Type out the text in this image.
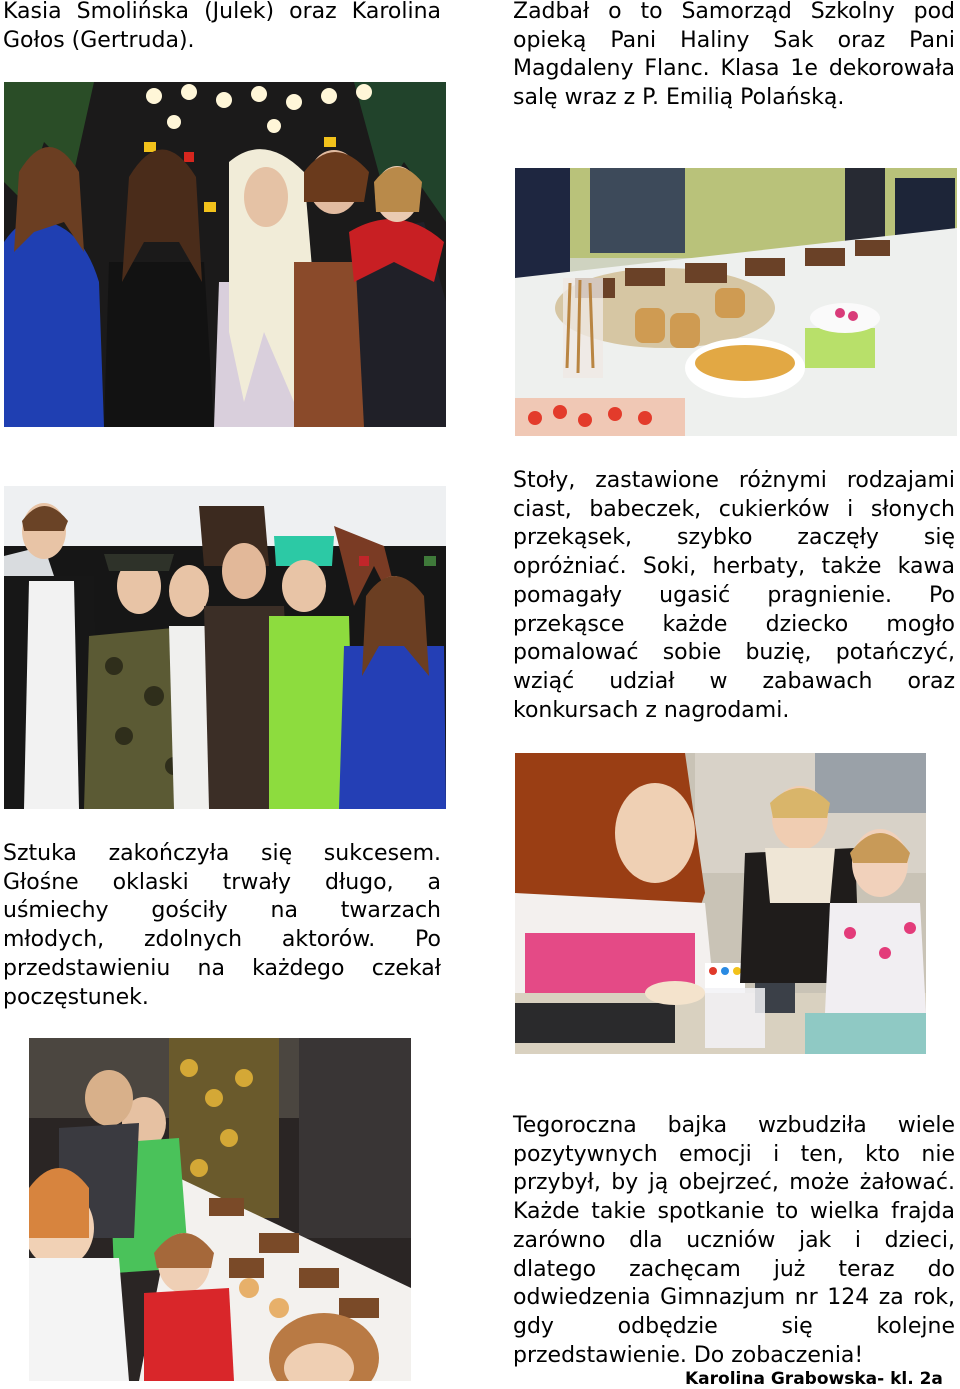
Kasia Smolińska (Julek) oraz Karolina Gołos (Gertruda).

Zadbał o to Samorząd Szkolny pod opieką Pani Haliny Sak oraz Pani Magdaleny Flanc. Klasa 1e dekorowała salę wraz z P. Emilią Polańską.

Stoły, zastawione różnymi rodzajami ciast, babeczek, cukierków i słonych przekąsek, szybko zaczęły się opróżniać. Soki, herbaty, także kawa pomagały ugasić pragnienie. Po przekąsce każde dziecko mogło pomalować sobie buzię, potańczyć, wziąć udział w zabawach oraz konkursach z nagrodami.

Sztuka zakończyła się sukcesem. Głośne oklaski trwały długo, a uśmiechy gościły na twarzach młodych, zdolnych aktorów. Po przedstawieniu na każdego czekał poczęstunek.

Tegoroczna bajka wzbudziła wiele pozytywnych emocji i ten, kto nie przybył, by ją obejrzeć, może żałować. Każde takie spotkanie to wielka frajda zarówno dla uczniów jak i dzieci, dlatego zachęcam już teraz do odwiedzenia Gimnazjum nr 124 za rok, gdy odbędzie się kolejne przedstawienie. Do zobaczenia!

Karolina Grabowska- kl. 2a
